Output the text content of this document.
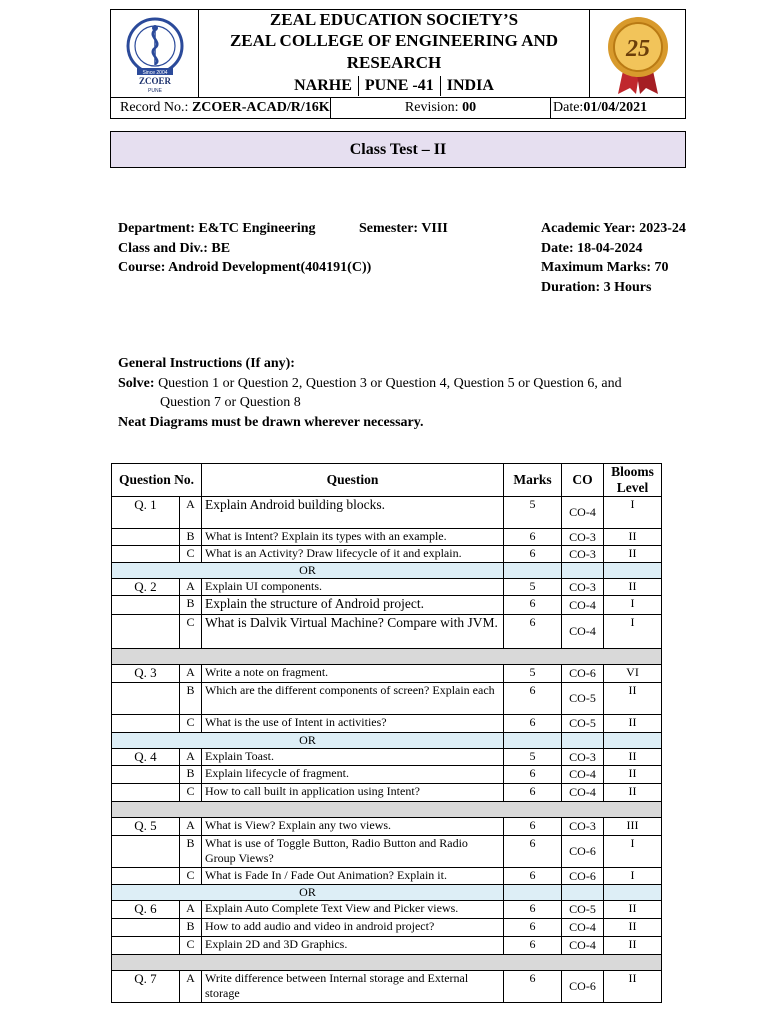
Since 2004
ZCOER
PUNE
ZEAL EDUCATION SOCIETY’S
ZEAL COLLEGE OF ENGINEERING AND
RESEARCH
NARHE PUNE -41 INDIA
25
Record No.: ZCOER-ACAD/R/16K	Revision: 00	Date:01/04/2021
Class Test – II
Department: E&TC Engineering
Class and Div.: BE
Course: Android Development(404191(C))
Semester: VIII	Academic Year: 2023-24
Date: 18-04-2024
Maximum Marks: 70
Duration: 3 Hours
General Instructions (If any):
Solve: Question 1 or Question 2, Question 3 or Question 4, Question 5 or Question 6, and
Question 7 or Question 8
Neat Diagrams must be drawn wherever necessary.
Question No.		Question	Marks	CO	Blooms Level
Q. 1	A	Explain Android building blocks.	5	CO-4	I
	B	What is Intent? Explain its types with an example.	6	CO-3	II
	C	What is an Activity? Draw lifecycle of it and explain.	6	CO-3	II
OR					
Q. 2	A	Explain UI components.	5	CO-3	II
	B	Explain the structure of Android project.	6	CO-4	I
	C	What is Dalvik Virtual Machine? Compare with JVM.	6	CO-4	I

Q. 3	A	Write a note on fragment.	5	CO-6	VI
	B	Which are the different components of screen? Explain each	6	CO-5	II
	C	What is the use of Intent in activities?	6	CO-5	II
OR					
Q. 4	A	Explain Toast.	5	CO-3	II
	B	Explain lifecycle of fragment.	6	CO-4	II
	C	How to call built in application using Intent?	6	CO-4	II

Q. 5	A	What is View? Explain any two views.	6	CO-3	III
	B	What is use of Toggle Button, Radio Button and Radio Group Views?	6	CO-6	I
	C	What is Fade In / Fade Out Animation? Explain it.	6	CO-6	I
OR					
Q. 6	A	Explain Auto Complete Text View and Picker views.	6	CO-5	II
	B	How to add audio and video in android project?	6	CO-4	II
	C	Explain 2D and 3D Graphics.	6	CO-4	II

Q. 7	A	Write difference between Internal storage and External storage	6	CO-6	II
